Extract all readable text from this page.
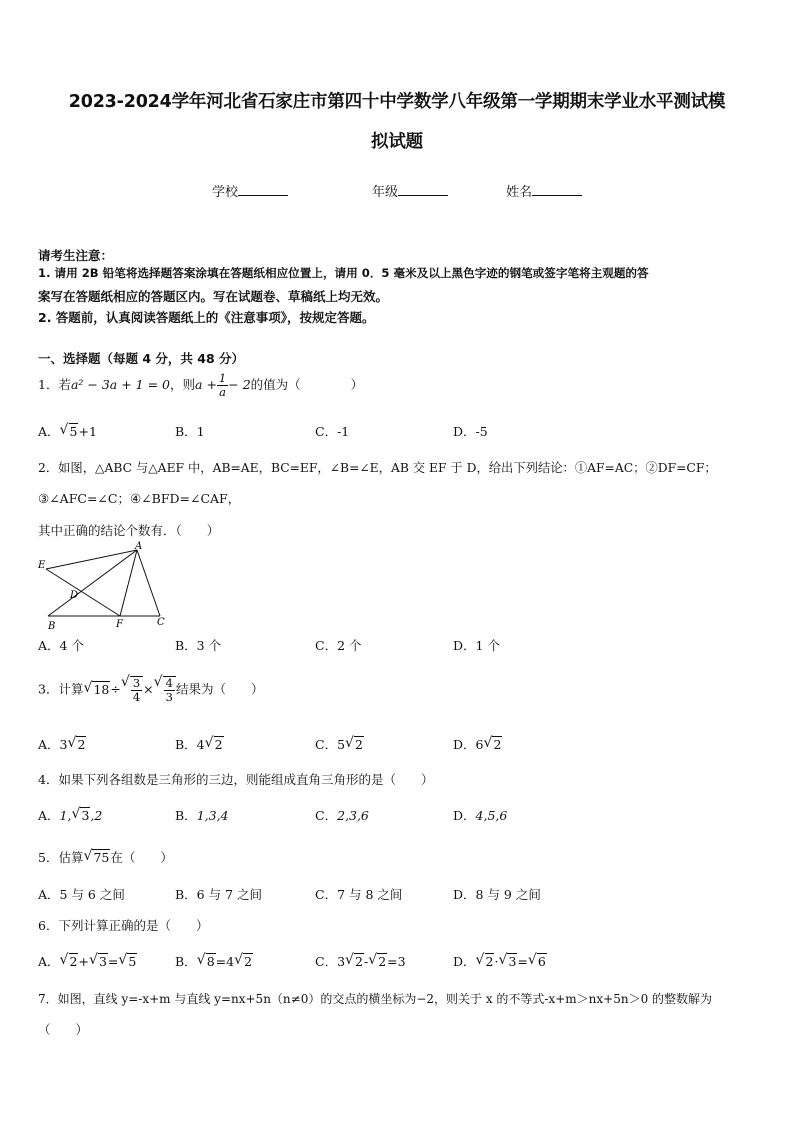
2023-2024学年河北省石家庄市第四十中学数学八年级第一学期期末学业水平测试模
拟试题
学校	年级	姓名
请考生注意：
1. 请用 2B 铅笔将选择题答案涂填在答题纸相应位置上，请用 0．5 毫米及以上黑色字迹的钢笔或签字笔将主观题的答
案写在答题纸相应的答题区内。写在试题卷、草稿纸上均无效。
2. 答题前，认真阅读答题纸上的《注意事项》，按规定答题。
一、选择题（每题 4 分，共 48 分）
1．若a² − 3a + 1 = 0，则$a + \frac{1}{a} - 2$的值为（　　　　）
A． √ 5+1	B．1	C．-1	D．-5
2．如图，△ABC 与△AEF 中，AB=AE，BC=EF，∠B=∠E，AB 交 EF 于 D，给出下列结论：①AF=AC；②DF=CF；
③∠AFC=∠C；④∠BFD=∠CAF，
其中正确的结论个数有．（　　）
A
B	C
D
E
F
A．4 个	B．3 个	C．2 个	D．1 个
3．计算 √ 18÷ √ $\frac{3}{4}$ × √ $\frac{4}{3}$ 结果为（　　）
A．3 √ 2	B．4 √ 2	C．5 √ 2	D．6 √ 2
4．如果下列各组数是三角形的三边，则能组成直角三角形的是（　　）
A．1, √ 3,2	B．1,3,4	C．2,3,6	D．4,5,6
5．估算 √ 75在（　　）
A．5 与 6 之间	B．6 与 7 之间	C．7 与 8 之间	D．8 与 9 之间
6．下列计算正确的是（　　）
A． √ 2+ √ 3= √ 5	B． √ 8=4 √ 2	C．3 √ 2- √ 2=3	D． √ 2· √ 3= √ 6
7．如图，直线 y=-x+m 与直线 y=nx+5n（n≠0）的交点的横坐标为−2，则关于 x 的不等式-x+m＞nx+5n＞0 的整数解为
（　　）
